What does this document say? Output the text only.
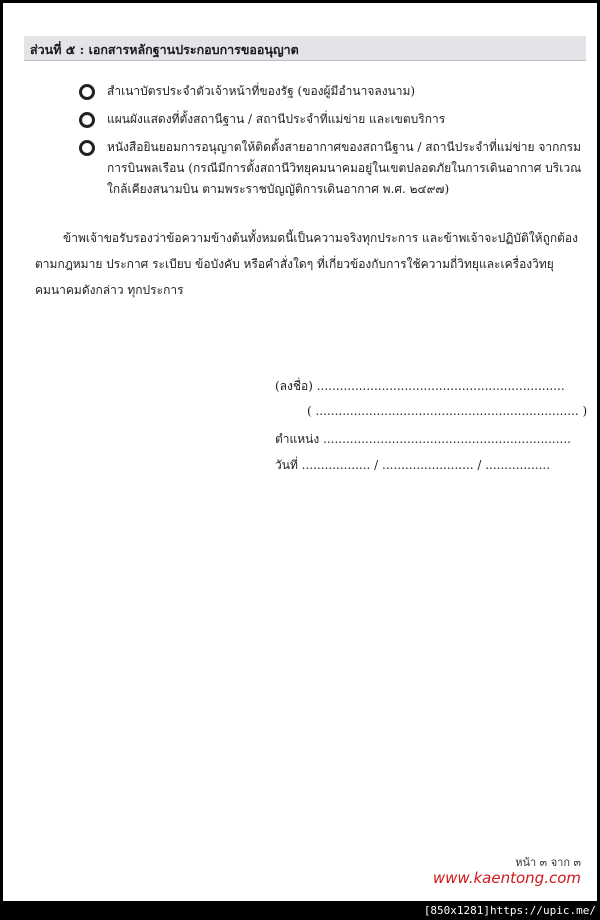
ส่วนที่ ๕ : เอกสารหลักฐานประกอบการขออนุญาต
สำเนาบัตรประจำตัวเจ้าหน้าที่ของรัฐ (ของผู้มีอำนาจลงนาม)
แผนผังแสดงที่ตั้งสถานีฐาน / สถานีประจำที่แม่ข่าย และเขตบริการ
หนังสือยินยอมการอนุญาตให้ติดตั้งสายอากาศของสถานีฐาน / สถานีประจำที่แม่ข่าย จากกรมการบินพลเรือน (กรณีมีการตั้งสถานีวิทยุคมนาคมอยู่ในเขตปลอดภัยในการเดินอากาศ บริเวณใกล้เคียงสนามบิน ตามพระราชบัญญัติการเดินอากาศ พ.ศ. ๒๔๙๗)
ข้าพเจ้าขอรับรองว่าข้อความข้างต้นทั้งหมดนี้เป็นความจริงทุกประการ และข้าพเจ้าจะปฏิบัติให้ถูกต้องตามกฎหมาย ประกาศ ระเบียบ ข้อบังคับ หรือคำสั่งใดๆ ที่เกี่ยวข้องกับการใช้ความถี่วิทยุและเครื่องวิทยุคมนาคมดังกล่าว ทุกประการ
(ลงชื่อ) .................................................................
( ..................................................................... )
ตำแหน่ง .................................................................
วันที่ .................. / ........................ / .................
หน้า ๓ จาก ๓
www.kaentong.com
[850x1281]https://upic.me/
